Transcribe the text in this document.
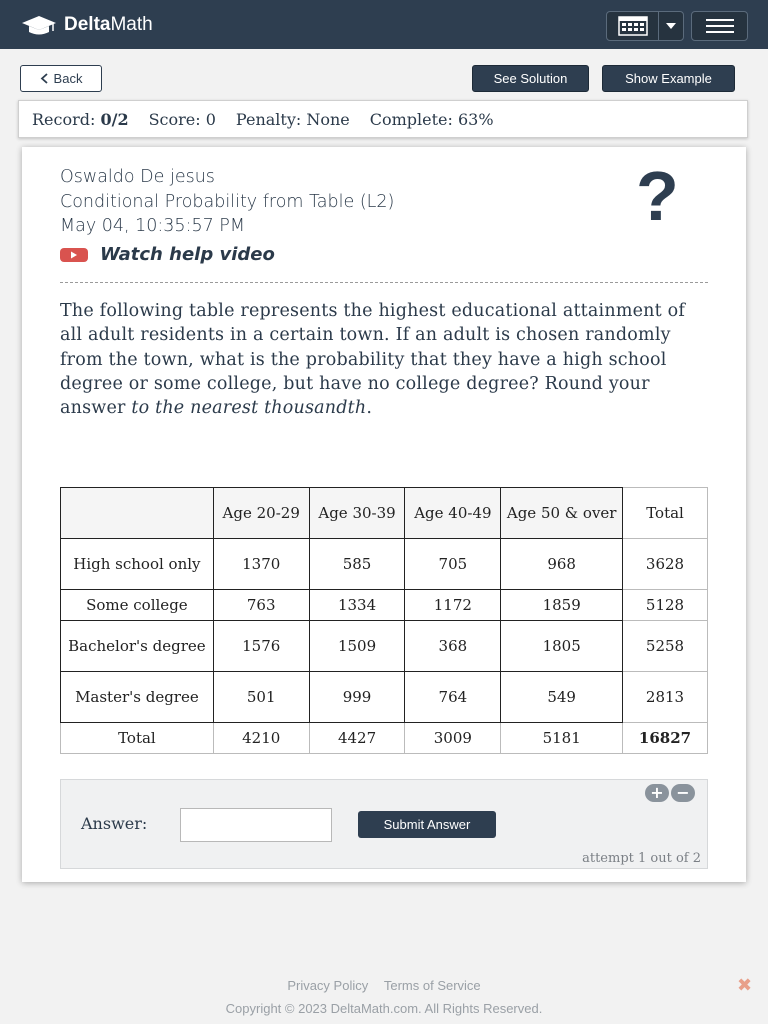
DeltaMath
Back	See Solution	Show Example
Record: 0/2 Score: 0 Penalty: None Complete: 63%
Oswaldo De jesus
Conditional Probability from Table (L2)
May 04, 10:35:57 PM	?
Watch help video
The following table represents the highest educational attainment of all adult residents in a certain town. If an adult is chosen randomly from the town, what is the probability that they have a high school degree or some college, but have no college degree? Round your answer to the nearest thousandth.
	Age 20-29	Age 30-39	Age 40-49	Age 50 & over	Total
High school only	1370	585	705	968	3628
Some college	763	1334	1172	1859	5128
Bachelor's degree	1576	1509	368	1805	5258
Master's degree	501	999	764	549	2813
Total	4210	4427	3009	5181	16827
+ −
Answer:	Submit Answer
attempt 1 out of 2
Privacy Policy Terms of Service
Copyright © 2023 DeltaMath.com. All Rights Reserved.
✖
